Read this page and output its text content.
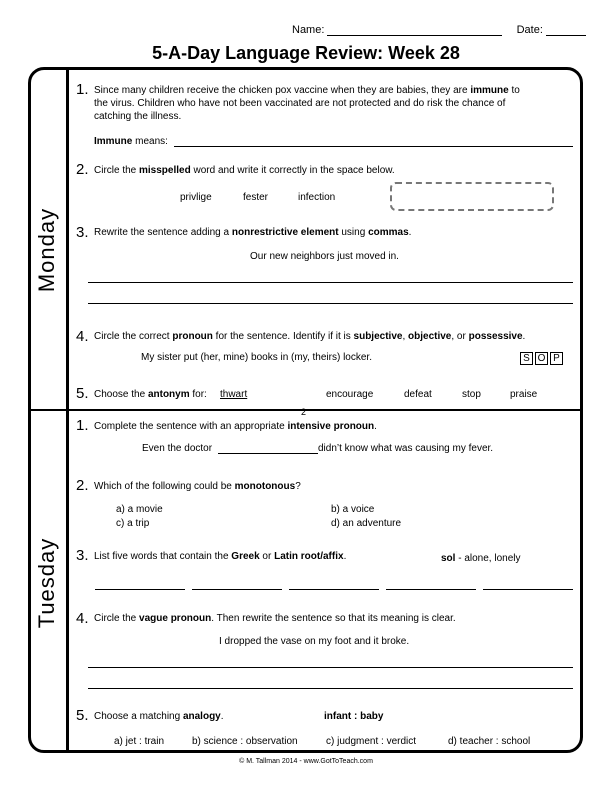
Name:	Date:
5-A-Day Language Review: Week 28
Monday
Tuesday
1. Since many children receive the chicken pox vaccine when they are babies, they are immune to
the virus. Children who have not been vaccinated are not protected and do risk the chance of
catching the illness.
Immune means:
2. Circle the misspelled word and write it correctly in the space below.
privlige	fester	infection
3. Rewrite the sentence adding a nonrestrictive element using commas.
Our new neighbors just moved in.
4. Circle the correct pronoun for the sentence. Identify if it is subjective, objective, or possessive.
My sister put (her, mine) books in (my, theirs) locker.	S O P
5. Choose the antonym for: thwart	encourage	defeat	stop	praise
1.
2
Complete the sentence with an appropriate intensive pronoun.
Even the doctor	didn’t know what was causing my fever.
2. Which of the following could be monotonous?
a) a movie	b) a voice
c) a trip	d) an adventure
3. List five words that contain the Greek or Latin root/affix.	sol - alone, lonely
4. Circle the vague pronoun. Then rewrite the sentence so that its meaning is clear.
I dropped the vase on my foot and it broke.
5. Choose a matching analogy.	infant : baby
a) jet : train	b) science : observation	c) judgment : verdict	d) teacher : school
© M. Tallman 2014 - www.GotToTeach.com
